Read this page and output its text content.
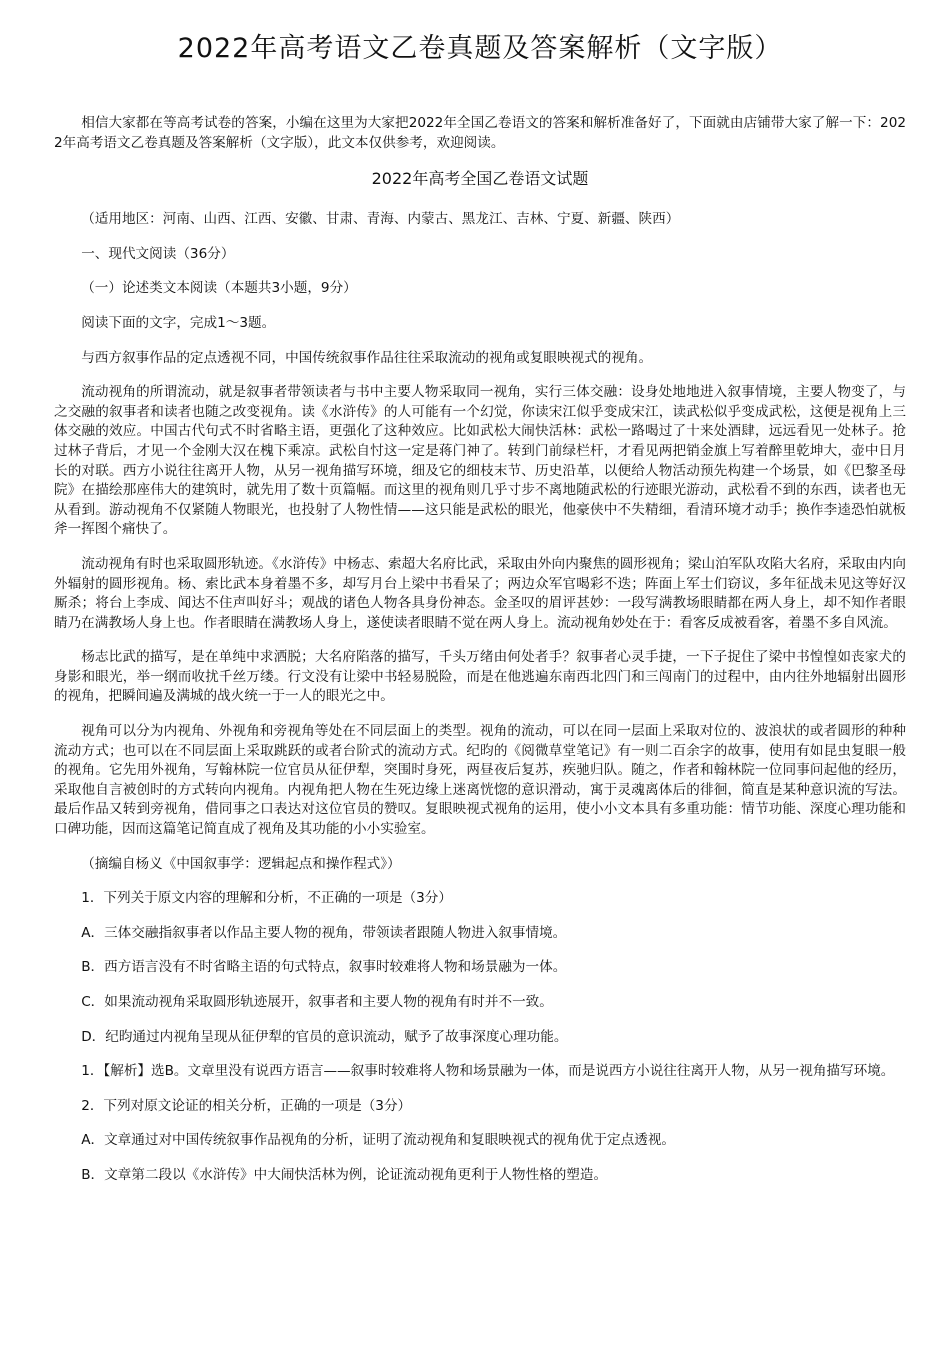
2022年高考语文乙卷真题及答案解析（文字版）

相信大家都在等高考试卷的答案，小编在这里为大家把2022年全国乙卷语文的答案和解析准备好了，下面就由店铺带大家了解一下：2022年高考语文乙卷真题及答案解析（文字版），此文本仅供参考，欢迎阅读。

2022年高考全国乙卷语文试题

（适用地区：河南、山西、江西、安徽、甘肃、青海、内蒙古、黑龙江、吉林、宁夏、新疆、陕西）

一、现代文阅读（36分）

（一）论述类文本阅读（本题共3小题，9分）

阅读下面的文字，完成1～3题。

与西方叙事作品的定点透视不同，中国传统叙事作品往往采取流动的视角或复眼映视式的视角。

流动视角的所谓流动，就是叙事者带领读者与书中主要人物采取同一视角，实行三体交融：设身处地地进入叙事情境，主要人物变了，与之交融的叙事者和读者也随之改变视角。读《水浒传》的人可能有一个幻觉，你读宋江似乎变成宋江，读武松似乎变成武松，这便是视角上三体交融的效应。中国古代句式不时省略主语，更强化了这种效应。比如武松大闹快活林：武松一路喝过了十来处酒肆，远远看见一处林子。抢过林子背后，才见一个金刚大汉在槐下乘凉。武松自忖这一定是蒋门神了。转到门前绿栏杆，才看见两把销金旗上写着醉里乾坤大，壶中日月长的对联。西方小说往往离开人物，从另一视角描写环境，细及它的细枝末节、历史沿革，以便给人物活动预先构建一个场景，如《巴黎圣母院》在描绘那座伟大的建筑时，就先用了数十页篇幅。而这里的视角则几乎寸步不离地随武松的行迹眼光游动，武松看不到的东西，读者也无从看到。游动视角不仅紧随人物眼光，也投射了人物性情——这只能是武松的眼光，他豪侠中不失精细，看清环境才动手；换作李逵恐怕就板斧一挥图个痛快了。

流动视角有时也采取圆形轨迹。《水浒传》中杨志、索超大名府比武，采取由外向内聚焦的圆形视角；梁山泊军队攻陷大名府，采取由内向外辐射的圆形视角。杨、索比武本身着墨不多，却写月台上梁中书看呆了；两边众军官喝彩不迭；阵面上军士们窃议，多年征战未见这等好汉厮杀；将台上李成、闻达不住声叫好斗；观战的诸色人物各具身份神态。金圣叹的眉评甚妙：一段写满教场眼睛都在两人身上，却不知作者眼睛乃在满教场人身上也。作者眼睛在满教场人身上，遂使读者眼睛不觉在两人身上。流动视角妙处在于：看客反成被看客，着墨不多自风流。

杨志比武的描写，是在单纯中求洒脱；大名府陷落的描写，千头万绪由何处者手？叙事者心灵手捷，一下子捉住了梁中书惶惶如丧家犬的身影和眼光，举一纲而收扰千丝万缕。行文没有让梁中书轻易脱险，而是在他逃遍东南西北四门和三闯南门的过程中，由内往外地辐射出圆形的视角，把瞬间遍及满城的战火统一于一人的眼光之中。

视角可以分为内视角、外视角和旁视角等处在不同层面上的类型。视角的流动，可以在同一层面上采取对位的、波浪状的或者圆形的种种流动方式；也可以在不同层面上采取跳跃的或者台阶式的流动方式。纪昀的《阅微草堂笔记》有一则二百余字的故事，使用有如昆虫复眼一般的视角。它先用外视角，写翰林院一位官员从征伊犁，突围时身死，两昼夜后复苏，疾驰归队。随之，作者和翰林院一位同事问起他的经历，采取他自言被创时的方式转向内视角。内视角把人物在生死边缘上迷离恍惚的意识滑动，寓于灵魂离体后的徘徊，简直是某种意识流的写法。最后作品又转到旁视角，借同事之口表达对这位官员的赞叹。复眼映视式视角的运用，使小小文本具有多重功能：情节功能、深度心理功能和口碑功能，因而这篇笔记简直成了视角及其功能的小小实验室。

（摘编自杨义《中国叙事学：逻辑起点和操作程式》）

1．下列关于原文内容的理解和分析，不正确的一项是（3分）

A．三体交融指叙事者以作品主要人物的视角，带领读者跟随人物进入叙事情境。

B．西方语言没有不时省略主语的句式特点，叙事时较难将人物和场景融为一体。

C．如果流动视角采取圆形轨迹展开，叙事者和主要人物的视角有时并不一致。

D．纪昀通过内视角呈现从征伊犁的官员的意识流动，赋予了故事深度心理功能。

1．【解析】选B。文章里没有说西方语言——叙事时较难将人物和场景融为一体，而是说西方小说往往离开人物，从另一视角描写环境。

2．下列对原文论证的相关分析，正确的一项是（3分）

A．文章通过对中国传统叙事作品视角的分析，证明了流动视角和复眼映视式的视角优于定点透视。

B．文章第二段以《水浒传》中大闹快活林为例，论证流动视角更利于人物性格的塑造。
